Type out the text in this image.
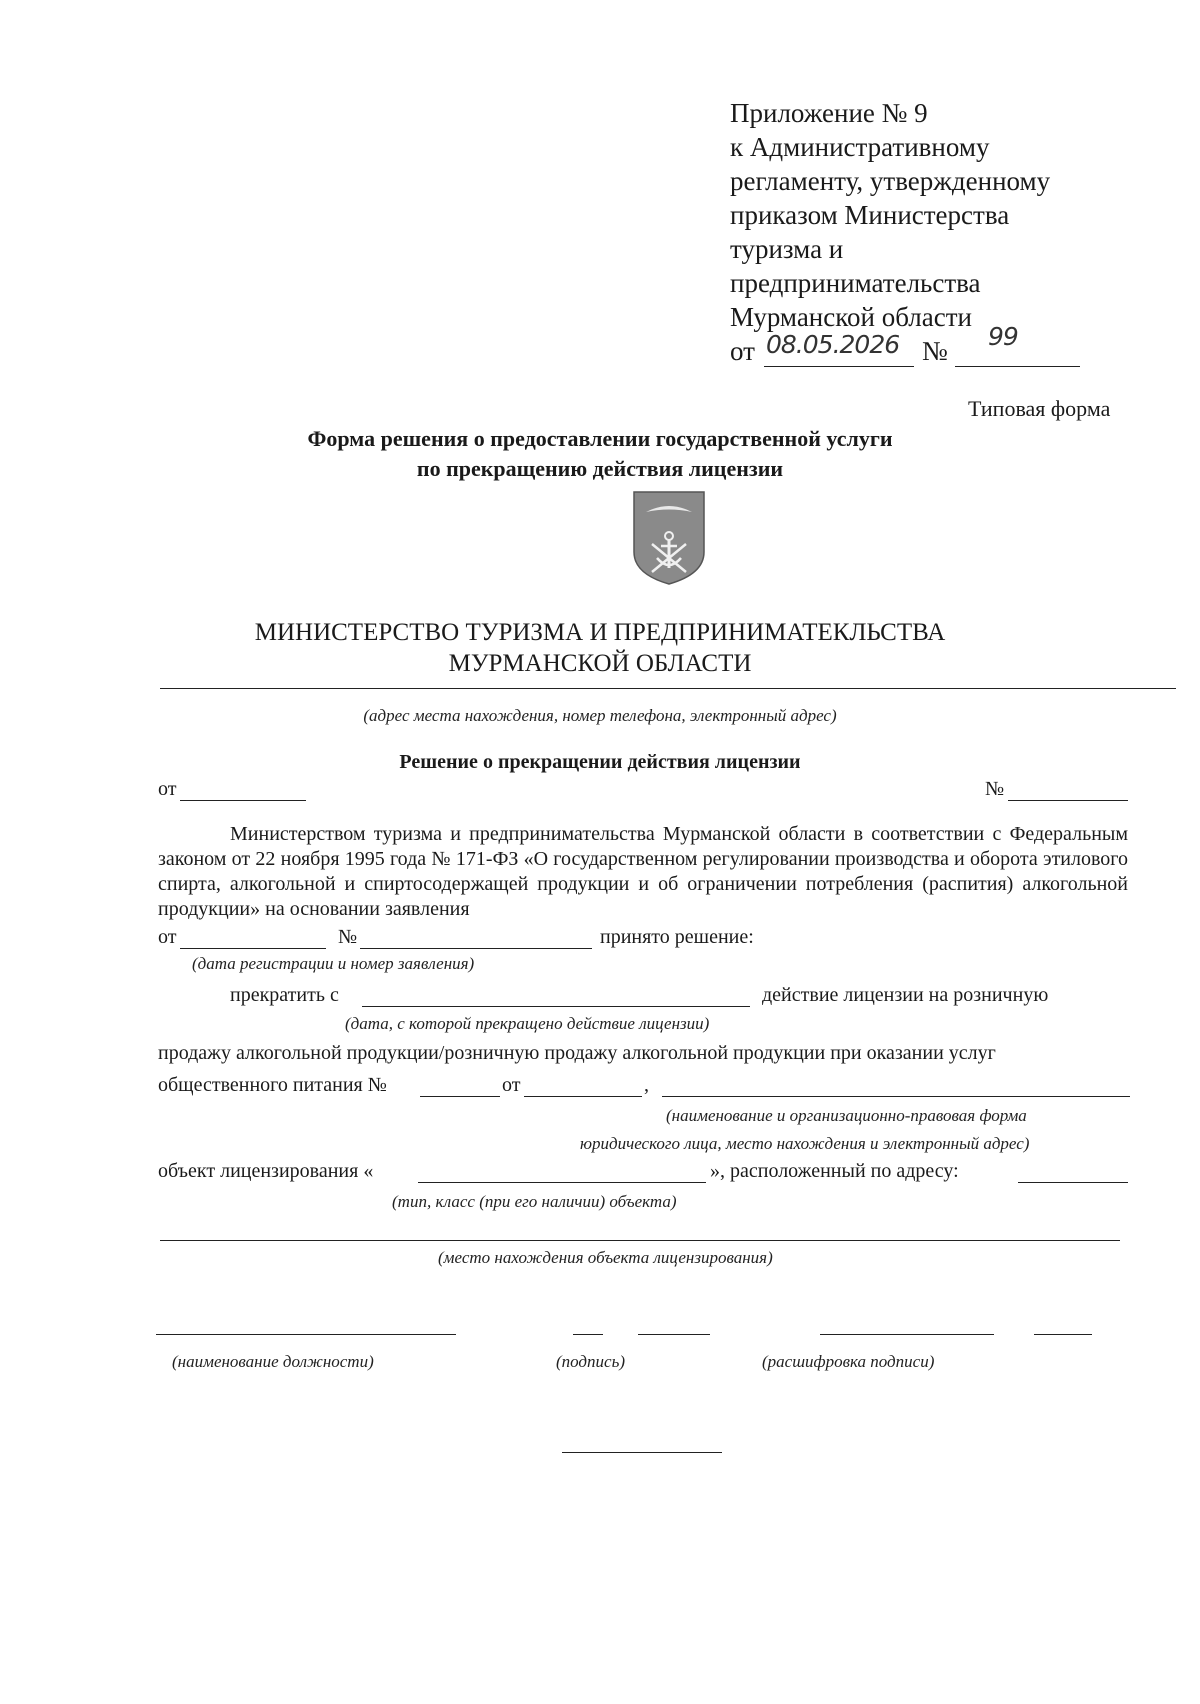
Приложение № 9
к Административному
регламенту, утвержденному
приказом Министерства
туризма и
предпринимательства
Мурманской области
от 08.05.2026 № 99
Типовая форма
Форма решения о предоставлении государственной услуги
по прекращению действия лицензии
МИНИСТЕРСТВО ТУРИЗМА И ПРЕДПРИНИМАТЕКЛЬСТВА
МУРМАНСКОЙ ОБЛАСТИ
(адрес места нахождения, номер телефона, электронный адрес)
Решение о прекращении действия лицензии
от	№
Министерством туризма и предпринимательства Мурманской области в соответствии с Федеральным законом от 22 ноября 1995 года № 171-ФЗ «О государственном регулировании производства и оборота этилового спирта, алкогольной и спиртосодержащей продукции и об ограничении потребления (распития) алкогольной продукции» на основании заявления
от	№	принято решение:
(дата регистрации и номер заявления)
прекратить с	действие лицензии на розничную
(дата, с которой прекращено действие лицензии)
продажу алкогольной продукции/розничную продажу алкогольной продукции при оказании услуг
общественного питания №	от	,
(наименование и организационно-правовая форма
юридического лица, место нахождения и электронный адрес)
объект лицензирования «	», расположенный по адресу:
(тип, класс (при его наличии) объекта)
(место нахождения объекта лицензирования)
(наименование должности)	(подпись)	(расшифровка подписи)
